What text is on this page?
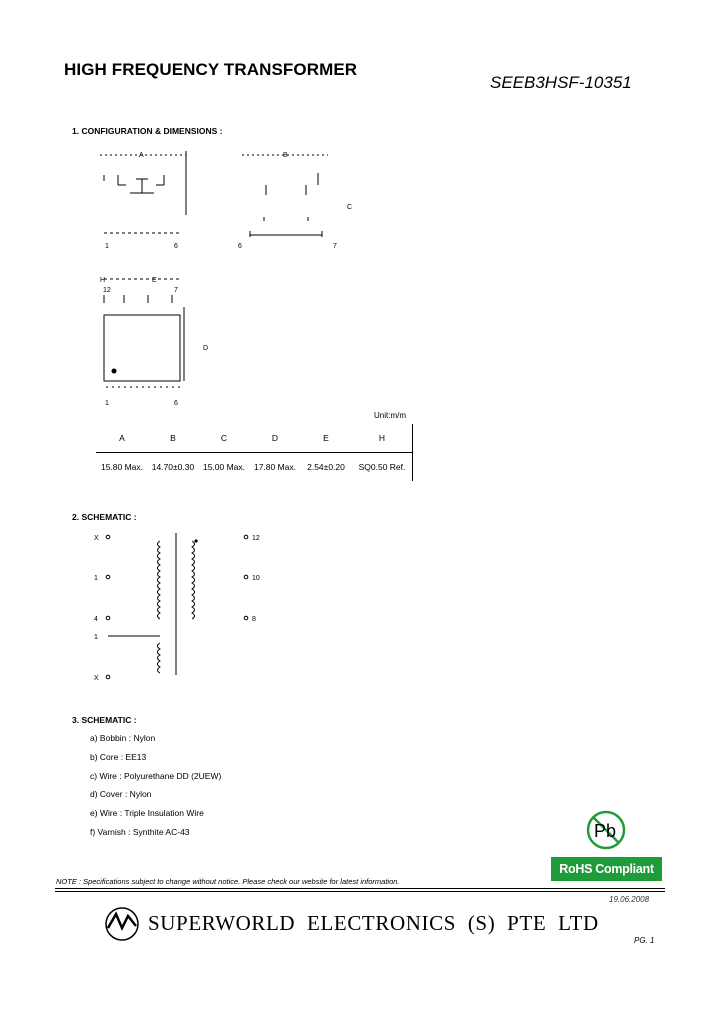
HIGH FREQUENCY TRANSFORMER
SEEB3HSF-10351
1. CONFIGURATION & DIMENSIONS :
A
1	6
B
C
6	7
H	E
12	7
D
1	6
Unit:m/m
A	B	C	D	E	H
15.80 Max.	14.70±0.30	15.00 Max.	17.80 Max.	2.54±0.20	SQ0.50 Ref.
2. SCHEMATIC :
X
1
4
1
X
12
10
8
3. SCHEMATIC :
a) Bobbin : Nylon
b) Core : EE13
c) Wire : Polyurethane DD (2UEW)
d) Cover : Nylon
e) Wire : Triple Insulation Wire
f) Varnish : Synthite AC-43	Pb
RoHS Compliant
NOTE : Specifications subject to change without notice. Please check our website for latest information.
19.06.2008
SUPERWORLD ELECTRONICS (S) PTE LTD
PG. 1
